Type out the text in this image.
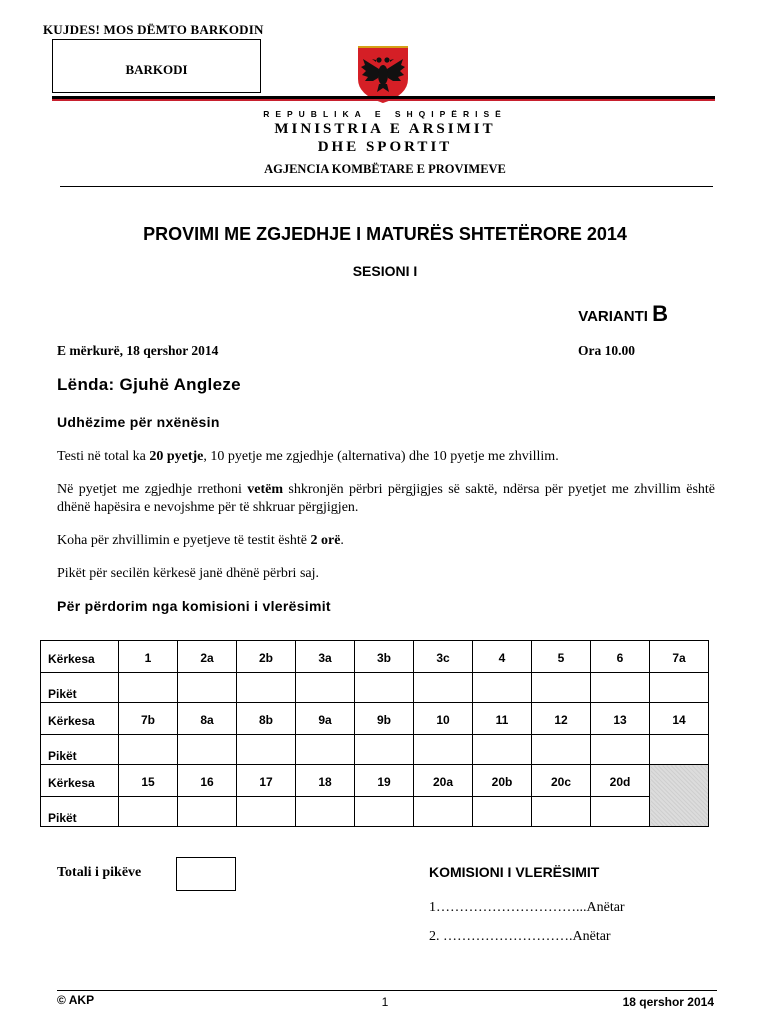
KUJDES! MOS DËMTO BARKODIN
BARKODI
REPUBLIKA E SHQIPËRISË
MINISTRIA E ARSIMIT
DHE SPORTIT
AGJENCIA KOMBËTARE E PROVIMEVE
PROVIMI ME ZGJEDHJE I MATURËS SHTETËRORE 2014
SESIONI I
VARIANTI B
E mërkurë, 18 qershor 2014	Ora 10.00
Lënda: Gjuhë Angleze
Udhëzime për nxënësin
Testi në total ka 20 pyetje, 10 pyetje me zgjedhje (alternativa) dhe 10 pyetje me zhvillim.
Në pyetjet me zgjedhje rrethoni vetëm shkronjën përbri përgjigjes së saktë, ndërsa për pyetjet me zhvillim është dhënë hapësira e nevojshme për të shkruar përgjigjen.
Koha për zhvillimin e pyetjeve të testit është 2 orë.
Pikët për secilën kërkesë janë dhënë përbri saj.
Për përdorim nga komisioni i vlerësimit
Kërkesa	1	2a	2b	3a	3b	3c	4	5	6	7a
Pikët										
Kërkesa	7b	8a	8b	9a	9b	10	11	12	13	14
Pikët										
Kërkesa	15	16	17	18	19	20a	20b	20c	20d	
Pikët										
Totali i pikëve	KOMISIONI I VLERËSIMIT
1…………………………...Anëtar
2. ……………………….Anëtar
© AKP	1	18 qershor 2014
